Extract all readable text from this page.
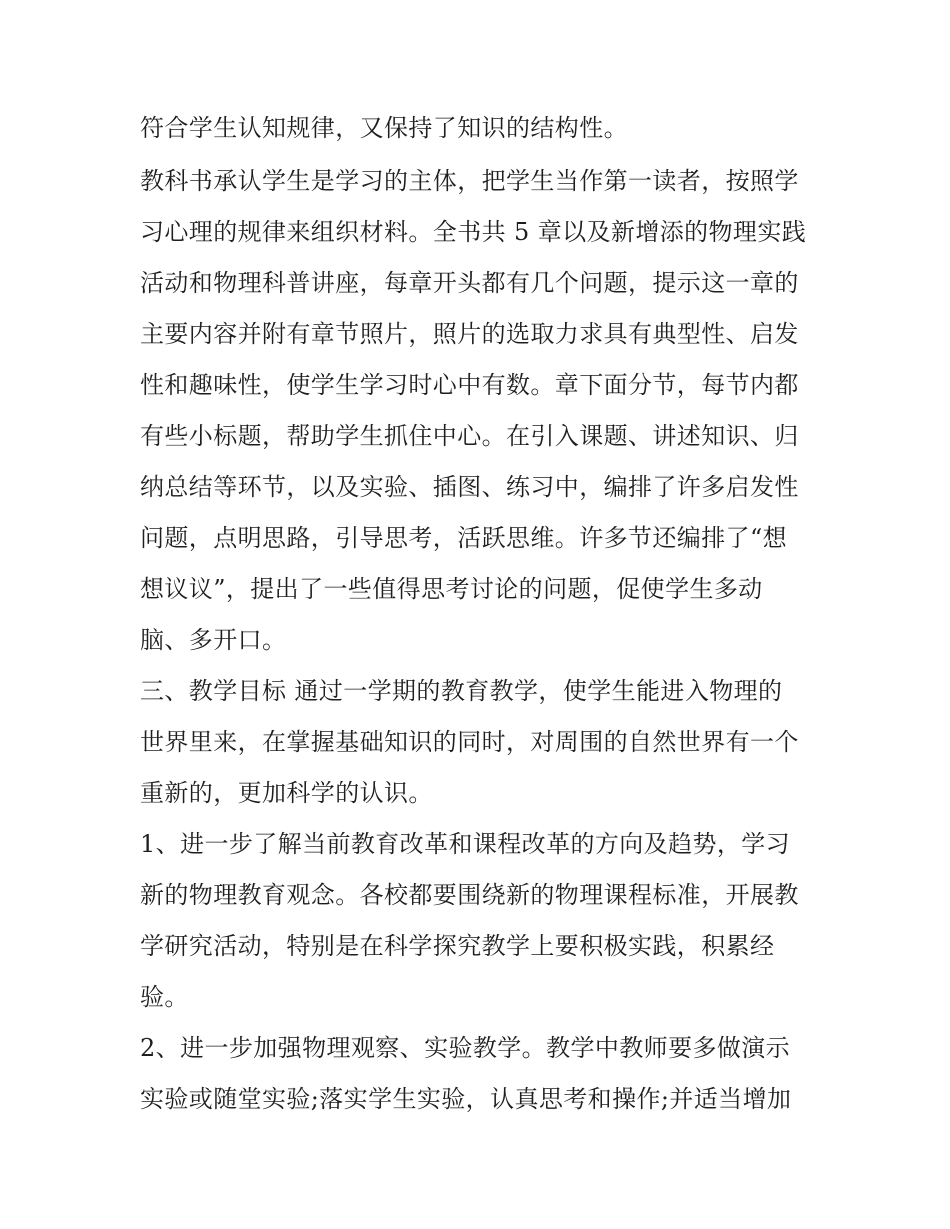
符合学生认知规律，又保持了知识的结构性。

教科书承认学生是学习的主体，把学生当作第一读者，按照学

习心理的规律来组织材料。全书共 5 章以及新增添的物理实践

活动和物理科普讲座，每章开头都有几个问题，提示这一章的

主要内容并附有章节照片，照片的选取力求具有典型性、启发

性和趣味性，使学生学习时心中有数。章下面分节，每节内都

有些小标题，帮助学生抓住中心。在引入课题、讲述知识、归

纳总结等环节，以及实验、插图、练习中，编排了许多启发性

问题，点明思路，引导思考，活跃思维。许多节还编排了“想

想议议”，提出了一些值得思考讨论的问题，促使学生多动

脑、多开口。

三、教学目标 通过一学期的教育教学，使学生能进入物理的

世界里来，在掌握基础知识的同时，对周围的自然世界有一个

重新的，更加科学的认识。

1、进一步了解当前教育改革和课程改革的方向及趋势，学习

新的物理教育观念。各校都要围绕新的物理课程标准，开展教

学研究活动，特别是在科学探究教学上要积极实践，积累经

验。

2、进一步加强物理观察、实验教学。教学中教师要多做演示

实验或随堂实验;落实学生实验，认真思考和操作;并适当增加
